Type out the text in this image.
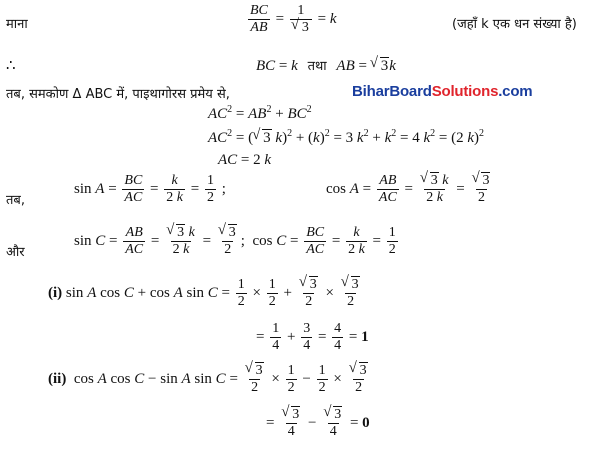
माना	$\frac{BC}{AB} = 1$
√ 3 = k	(जहाँ k एक धन संख्या है)
∴	BC = k तथा AB = √ 3k
तब, समकोण Δ ABC में, पाइथागोरस प्रमेय से,	BiharBoardSolutions.com
$AC^2 = AB^2 + BC^2$
$AC^2$ = ( √ 3 $k)^2 + (k)^2 = 3$ $k^2 + k^2 = 4$ $k^2 = (2$ k)$^2$
AC = 2 k
तब,
$\sin A = \frac{BC}{AC} = \frac{k}{2 k} = \frac{1}{2}$ ;	$\cos A = \frac{AB}{AC}$ = √ $\frac{3 k}{2 k}$ = √ $\frac{3}{2}$
और
$\sin C = \frac{AB}{AC}$ = √ $\frac{3 k}{2 k}$ = √ $\frac{3}{2}$ ;  $\cos C = \frac{BC}{AC} = \frac{k}{2 k} = \frac{1}{2}$
(i) sin A cos C + cos A $\sin C = \frac{1}{2} \times \frac{1}{2}$ + √ $\frac{3}{2}$ × √ $\frac{3}{2}$
= $\frac{1}{4} + \frac{3}{4} = \frac{4}{4} = 1$
(ii)  cos A cos C − sin A sin C = √ $\frac{3}{2} \times \frac{1}{2} - \frac{1}{2}$ × √ $\frac{3}{2}$
= √ $\frac{3}{4}$ − √ $\frac{3}{4} = 0$
